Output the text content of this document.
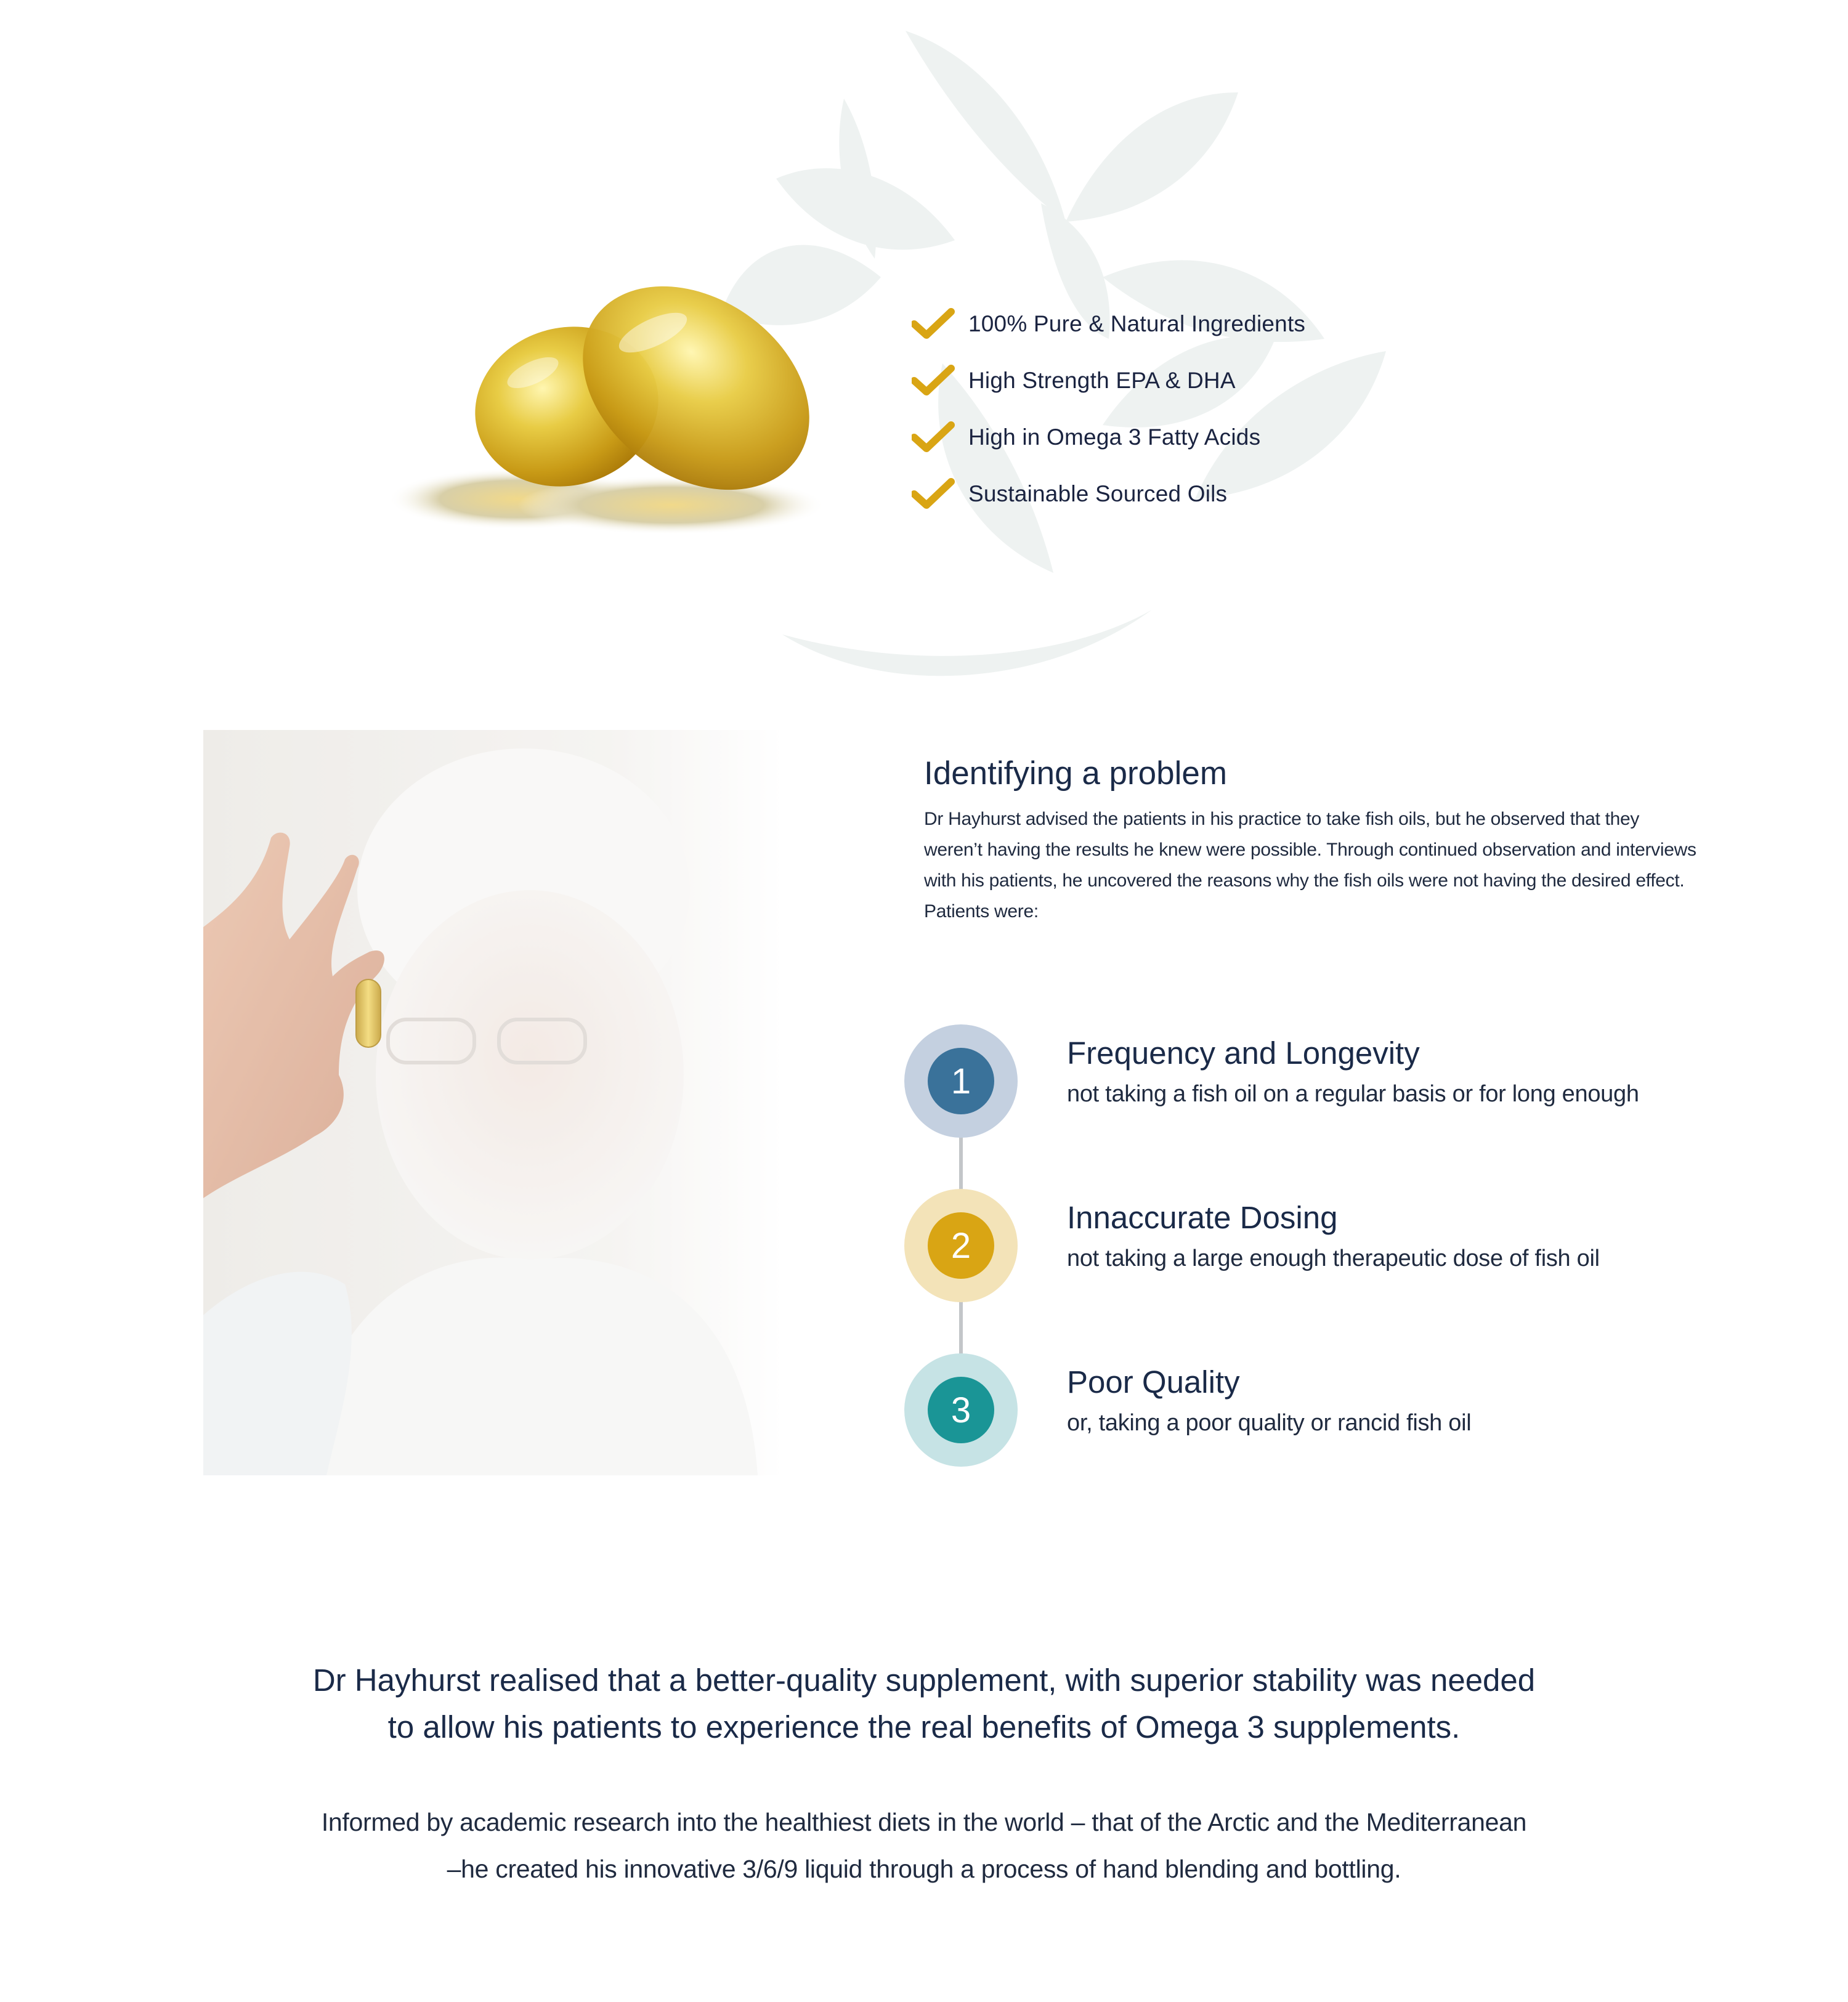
100% Pure & Natural Ingredients
High Strength EPA & DHA
High in Omega 3 Fatty Acids
Sustainable Sourced Oils
Identifying a problem

Dr Hayhurst advised the patients in his practice to take fish oils, but he observed that they weren’t having the results he knew were possible. Through continued observation and interviews with his patients, he uncovered the reasons why the fish oils were not having the desired effect. Patients were:

1
Frequency and Longevity

not taking a fish oil on a regular basis or for long enough

2
Innaccurate Dosing

not taking a large enough therapeutic dose of fish oil

3
Poor Quality

or, taking a poor quality or rancid fish oil

Dr Hayhurst realised that a better-quality supplement, with superior stability was needed
to allow his patients to experience the real benefits of Omega 3 supplements.

Informed by academic research into the healthiest diets in the world – that of the Arctic and the Mediterranean
–he created his innovative 3/6/9 liquid through a process of hand blending and bottling.
